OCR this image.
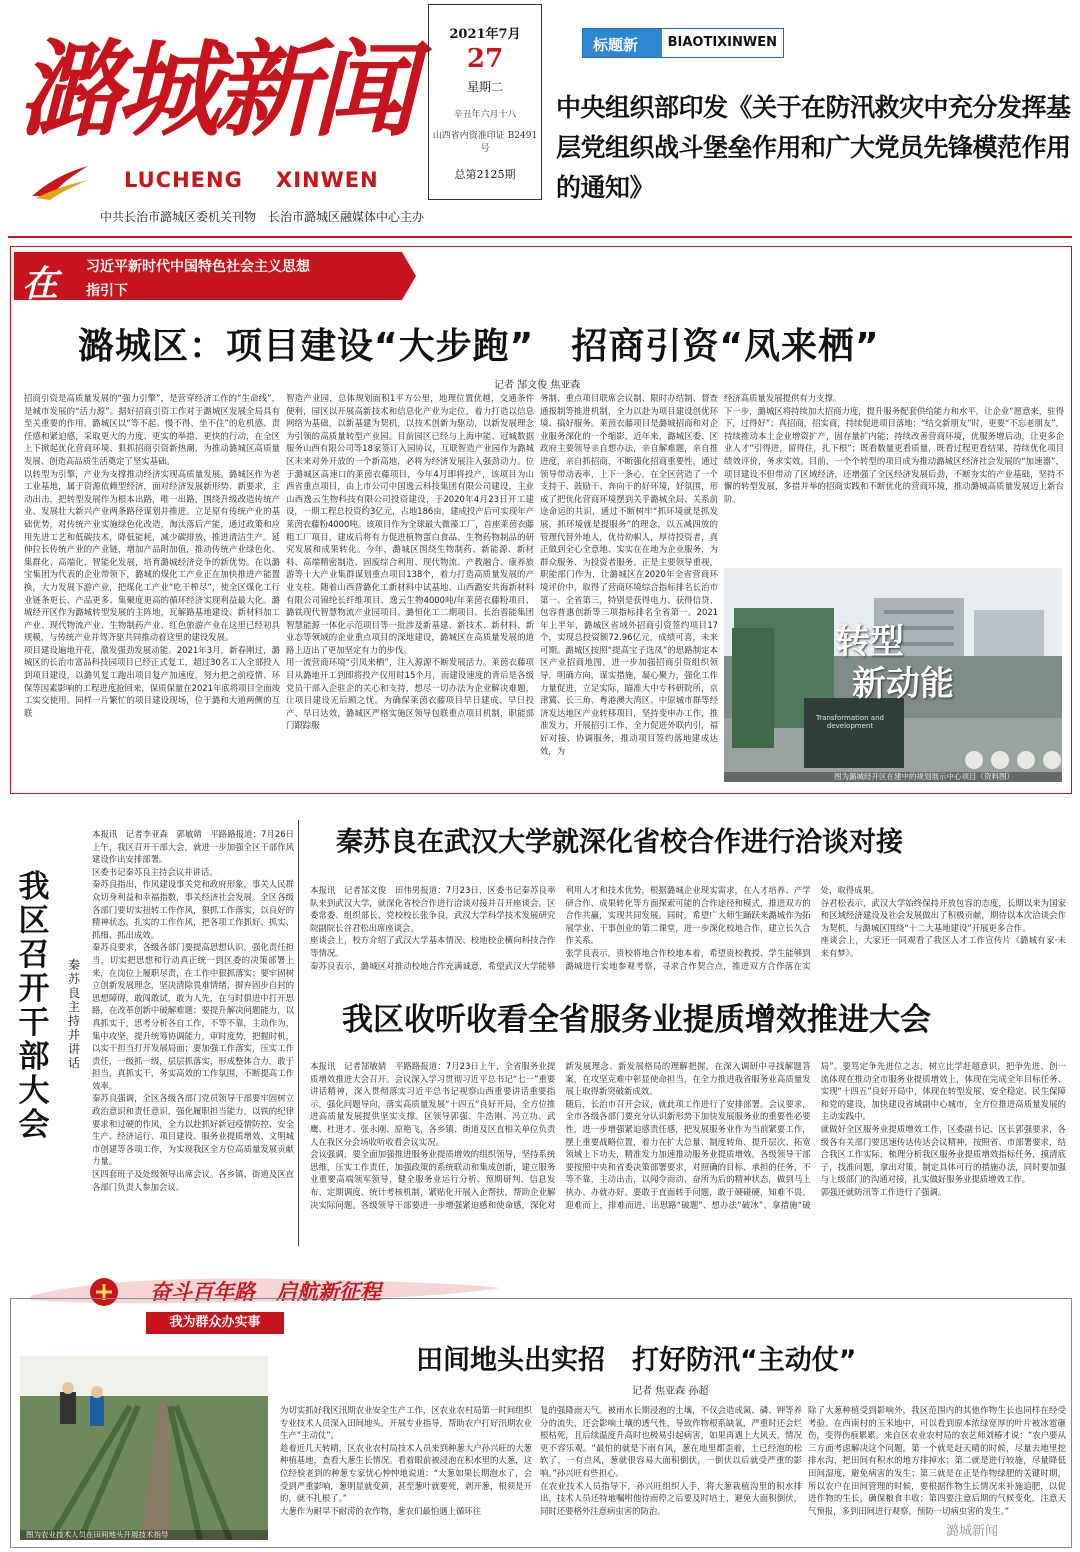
潞城新闻
LUCHENG XINWEN
中共长治市潞城区委机关刊物　长治市潞城区融媒体中心主办
2021年7月
27
星期二
辛丑年六月十八
山西省内资准印证 B2491号
总第2125期
标题新闻
BIAOTIXINWEN
中央组织部印发《关于在防汛救灾中充分发挥基层党组织战斗堡垒作用和广大党员先锋模范作用的通知》
在 习近平新时代中国特色社会主义思想
指引下	——新时代新作为新篇章
潞城区：项目建设“大步跑”　招商引资“凤来栖”
记者 郜文俊 焦亚森
招商引资是高质量发展的“强力引擎”，是营穿经济工作的“生命线”，是城市发展的“活力源”。据好招商引资工作对于潞城区发展全局具有至关重要的作用。潞城区以“等不起、慢不得、坐不住”的危机感、责任感和紧迫感，采取更大的力度、更实的举措、更快的行动，在全区上下掀起优化营商环境、狠抓招商引资新热潮，为推动潞城区高质量发展、创造高品质生活奠定了坚实基础。
以转型为引擎，产业为支撑推动经济实现高质量发展。潞城区作为老工业基地，属于资源依赖型经济，面对经济发展新形势、新要求，主动出击，把转型发展作为根本出路，唯一出路，围绕升级改造传统产业、发展壮大新兴产业两条路径谋划并推进。立足原有传统产业的基础优势，对传统产业实施绿色化改造，淘汰落后产能，通过政策和应用先进工艺和低碳技术，降低能耗，减少碳排放，推进清洁生产。延伸拉长传统产业的产业链，增加产品附加值，推动传统产业绿色化、集群化、高端化、智能化发展，培育潞城经济竞争的新优势。在以潞宝集团为代表的企业带领下，潞城的煤化工产业正在加快推进产能置换，大力发展下游产业，把煤化工产业“吃干榨尽”，使全区煤化工行业链条更长、产品更多、集聚度更高的循环经济实现利益最大化。潞城经开区作为潞城转型发展的主阵地，瓦解路基地建设、新材料加工产业、现代物流产业、生物制药产业、红色旅游产业在这里已经初具规模，与传统产业并驾齐驱共同推动着这里的建设发展。
项目建设遍地开花，激发强劲发展动能。2021年3月，新春刚过，潞城区的长治市富品科技园项目已经正式复工，超过30名工人全部投入到项目建设，以潞贝复工跑出项目复产加速度，努力把之前疫情、环保等因素影响的工程进度抢回来，保质保量在2021年底将项目全面竣工实交使用。同样一片繁忙的项目建设现场，位于潞和大道两侧的互联
智造产业园，总体规划面积1平方公里，地理位置优越，交通条件便利，园区以开展高新技术和信息化产业为定位，着力打造以信息网络为基础，以新基建为契机，以技术创新为驱动，以新发展理念为引领的高质量转型产业园。目前园区已经与上海申能、冠城数据服务山西有限公司等18家签订入园协议，互联智造产业园作为潞城区未来对外开放的一个新高地，必将为经济发展注入强劲动力。位于潞城区高速口的莱茵衣藤项目，今年4月即将投产，该项目为山西省重点项目，由上市公司中国逸云科技集团有限公司建设，主业山西逸云生物科技有限公司投资建设，于2020年4月23日开工建设，一期工程总投资约3亿元，占地186亩，建成投产后可实现年产莱茵衣藤粉4000吨。该项目作为全球最大微藻工厂，首座莱茵衣藤粗工厂项目，建成后将有力促进植物蛋白食品、生物药物制品的研究发展和成果转化。今年，潞城区围绕生物制药、新能源、新材料、高端精密制造、固废综合利用、现代物流、产教融合、康养旅游等十大产业集群谋划重点项目138个，着力打造高质量发展的产业支柱。随着山西晋潞化工新材料中试基地、山西潞安共海新材料有限公司锦纶长纤维项目、逸云生物4000吨/年莱茵衣藤粉项目、潞铁现代智慧物流产业园项目、潞恒化工二期项目、长治晋能集团智慧能源一体化示范项目等一批涉及新基建、新技术、新材料、新业态等领域的企业重点项目的深地建设，潞城区在高质量发展的道路上迈出了更加坚定有力的步伐。
用一流营商环境“引凤来栖”，注入源源不断发展活力。莱茵衣藤项目从潞地开工到即将投产仅用时15个月，而建设速度的背后是各级党员干部入企驻企的关心和支持，想尽一切办法为企业解决难题，让项目建设无后顾之忧。为确保莱茵衣藤项目早日建成、早日投产、早日达效，潞城区严格实施区领导包联重点项目机制，职能部门跟踪服
务制、重点项目联席会议制、限时办结制、督查通报制等推进机制，全力以赴为项目建设创优环境、搞好服务。莱茵衣藤项目是潞城招商和对企业服务深化的一个缩影，近年来，潞城区委、区政府主要领导亲自想办法，亲自解难题，亲自推进度，亲自抓招商，不断强化招商重要性，通过领导带动表率，上下一条心，在全区营造了一个支持干、鼓励干、奔向干的好环境，好氛围，形成了把优化营商环境摆到关乎潞城全局、关系前途命运的共识，通过不断树牢“抓环境就是抓发展，抓环境就是提服务”的理念，以五减四放的管理代替外地人，优待幼帜人，厚待投资者，真正做到全心全意地、实实在在地为企业服务，为群众服务、为投资者服务。正是主要领导重视，职能部门作为，让潞城区在2020年全省营商环境评价中，取得了营商环境综合指标排名长治市第一、全省第三，特别是获得电力、获得信贷、包容普惠创新等三项指标排名全省第一。2021年上半年，潞城区省域外招商引资签约项目17个，实现总投资额72.96亿元，成绩可喜，未来可期。潞城区按照“提高宝子选凤”的思路制定本区产业招商地图，进一步加强招商引资组织领导，明确方向，谋实措施，凝心聚力，强化工作力量促进，立足实际，瞄准大中专科研院所，京津冀、长三角、粤港澳大湾区、中原城市群等经济发达地区产业转移项目，坚持变申办工作，推准发力，开展招引工作，全力促进外联内引，福好对接、协调服务，推动项目签约落地建成达效，为
经济高质量发展提供有力支撑。
下一步，潞城区将持续加大招商力度，提升服务配套供给能力和水平，让企业“愿意来，驻得下，过得好”；真招商，招实商，持续促进项目落地：“结交新朋友”时，更要“不忘老朋友”，持续推动本土企业增资扩产，固存量扩内能；持续改善营商环境，优服务增后动，让更多企业人才“引得进，留得住，扎下根”；既看数量更看质量，既看过程更看结果，持续优化项目绩效评价，务求实效。目前，一个个转型的项目成为推动潞城区经济社会发展的“加速器”，项目建设不但带动了区域经济，还增强了全区经济发展后劲，不断夯实的产业基础，坚持不懈的转型发展，多措并举的招商实践和不断优化的营商环境，推动潞城高质量发展迈上新台阶。
转型
新动能
Transformation and development
图为潞城经开区在建中的规划展示中心项目（资料图）
我区召开干部大会
秦苏良主持并讲话
本报讯　记者李亚森　郭敏婧　平路路报道：7月26日上午，我区召开干部大会，就进一步加强全区干部作风建设作出安排部署。
区委书记秦苏良主持会议并讲话。
秦苏良指出，作风建设事关党和政府形象，事关人民群众切身利益和幸福指数，事关经济社会发展。全区各级各部门要切实扭转工作作风，狠抓工作落实，以良好的精神状态，扎实的工作作风，把各项工作抓好、抓实、抓细、抓出成效。
秦苏良要求，各级各部门要提高思想认识，强化责任担当，切实把思想和行动真正统一到区委的决策部署上来，在岗位上履职尽责，在工作中狠抓落实；要牢固树立创新发展理念，坚决清除畏难情绪，摒弃固步自封的思想障碍，敢闯敢试，敢为人先，在与时俱进中打开思路，在改革创新中破解难题；要提升解决问题能力，以真抓实干，思考分析各自工作，不等不靠，主动作为，集中攻坚，提升统筹协调能力，审时度势，把握时机，以实干担当打开发展局面；要加强工作落实，压实工作责任，一级抓一级，层层抓落实，形成整体合力，敢于担当，真抓实干，务实高效的工作氛围，不断提高工作效率。
秦苏良强调，全区各级各部门党员领导干部要牢固树立政治意识和责任意识，强化履职担当能力，以铁的纪律要求和过硬的作风，全力以赴抓好新冠疫情防控、安全生产、经济运行、项目建设、服务业提质增效、文明城市创建等各项工作，为实现我区全方位高质量发展贡献力量。
区四套班子及处级领导出席会议。各乡镇、街道及区直各部门负责人参加会议。
秦苏良在武汉大学就深化省校合作进行洽谈对接
本报讯　记者郜文俊　田伟男报道：7月23日，区委书记秦苏良率队来到武汉大学，就深化省校合作进行洽谈对接并召开座谈会。区委常委、组织部长、党校校长张争良，武汉大学科学技术发展研究院副院长谷君松出席座谈会。
座谈会上，校方介绍了武汉大学基本情况、校地校企横向科技合作等情况。
秦苏良表示，潞城区对推动校地合作充满诚意，希望武汉大学能够利用人才和技术优势，根据潞城企业现实需求，在人才培养、产学研合作、成果转化等方面探索可能的合作途径和模式，推进双方的合作共赢，实现共同发展。同时，希望广大师生踊跃来潞城作为拓展学业、干事创业的第二课堂，进一步深化校地合作，建立长久合作关系。
张学良表示，贵校将地合作校地本着，希望贵校教授、学生能够到潞城进行实地参观考察，寻求合作契合点，推进双方合作落在实处，取得成果。
谷君松表示，武汉大学始终保持开放包容的态度，长期以来为国家和区域经济建设及社会发展做出了积极贡献，期待以本次洽谈会作为契机，与潞城区围绕“十二大基地建设”开展更多合作。
座谈会上，大家还一同观看了我区人才工作宣传片《潞城有家·未来有梦》。
我区收听收看全省服务业提质增效推进大会
本报讯　记者郜敏婧　平路路报道：7月23日上午，全省服务业提质增效推进大会召开。会议深入学习贯彻习近平总书记“七一”重要讲话精神，深入贯彻落实习近平总书记视察山西重要讲话重要指示，强化问题导向，落实高质量发展“十四五”良好开局，全方位推进高质量发展提供坚实支撑。区领导郭强、牛浩刚、冯立功、武鹰、杜进才、张永刚、原艳飞，各乡镇、街道及区直相关单位负责人在我区分会场收听收看会议实况。
会议强调，要全面加强推进服务业提质增效的组织领导，坚持系统思维，压实工作责任，加强政策的系统联动和集成创新，建立服务业重要高端领军领导，健全服务业运行分析、预期研判、信息发布、定期调度、统计考核机制，紧贴化开展入企帮扶，帮助企业解决实际问题。各级领导干部要进一步增强紧迫感和使命感，深化对新发展理念、新发展格局的理解把握，在深入调研中寻找解题答案，在攻坚克难中彰显使命担当，在全力推进我省服务业高质量发展上取得新突破新成效。
随后，长治市召开会议，就此项工作进行了安排部署。会议要求，全市各级各部门要充分认识新形势下加快发展服务业的重要性必要性，进一步增强紧迫感责任感，把发展服务业作为当前紧要工作，摆上重要战略位置，着力在扩大总量、制度转角、提升层次、拓宽领域上下功夫，精准发力加速推动服务业提质增效。各级领导干部要按照中央和省委决策部署要求，对照确的目标、承担的任务，不等不靠，主动出击，以闻令而动、奋所为后的精神状态，做到马上执办、办就办好。要敢于直面转手问题，敢于硬碰硬，知难不畏、迎难而上，排难而进，出思路“破题”、想办法“破冰”、拿措施“破局”。要笃定争先进位之志，树立比学赶超意识，把争先进、创一流体现在推动全市服务业提质增效上，体现在完成全年目标任务、实现“十四五”良好开局中，体现在转型发展、安全稳定、民生保障和党的建设，加快建设省域副中心城市，全方位推进高质量发展的主动实践中。
就做好全区服务业提质增效工作，区委副书记、区长郭强要求，各级各有关部门要迅速传达传达会议精神，按照省、市部署要求，结合我区工作实际，梳理分析我区服务业提质增效指标任务，摸清底子，找准问题，拿出对策，制定具体可行的措施办法，同时要加强与上级部门的沟通对接，扎实做好服务业提质增效工作。
郭强还就防汛等工作进行了强调。
奋斗百年路　启航新征程
我为群众办实事
田间地头出实招　打好防汛“主动仗”
记者 焦亚森 孙超
图为农业技术人员在田间地头开展技术指导
为切实抓好我区汛期农业安全生产工作，区农业农村局第一时间组织专业技术人员深入田间地头，开展专业指导，帮助农户打好汛期农业生产“主动仗”。
趁着近几天转晴，区农业农村局技术人员来到种葱大户孙兴旺的大葱种植基地，查看大葱生长情况。看着眼前被浸泡在积水里的大葱，这位经验老到的种葱专家忧心忡忡地说道：“大葱如果长期泡水了，会受到严重影响，葱明显就变黄，甚至葱叶就要死，剥开葱，根须是开的，就不扎根了。”
大葱作为耐旱不耐涝的农作物，葱农们最怕遇上循环往
复的强降雨天气。被雨水长期浸泡的土壤，不仅会造成氮、磷、钾等养分的流失，还会影响土壤的透气性，导致作物根系缺氧，严重时还会烂根枯死，且后续温度升高时也极易引起病害，如果再遇上大风天，情况更不容乐观。“最怕的就是下雨有风，葱在地里都歪着，土已经泡的松软了，一有点风，葱就很容易大面积倒伏，一倒伏以后就受严重的影响。”孙兴旺有些担心。
在农业技术人员指导下，孙兴旺组织人手，将大葱栽植沟里的积水排出，技术人员还特地嘱咐他待雨停之后要及时培土，避免大面积倒伏，同时还要格外注意病虫害的防治。
除了大葱种植受到影响外，我区范围内的其他作物生长也同样在经受考验。在西南村的玉米地中，可以看到原本浓绿宽厚的叶片被冰雹砸伤，变得伤痕累累。来自区农业农村局的农艺师刘椿才说：“农户要从三方面考虑解决这个问题。第一个就是赶天晴的时候，尽量去地里挖排水沟，把田间有积水的地方排掉水；第二就是进行较施，尽量降低田间湿度，避免病害的发生；第三就是在正是作物绿肥的关键时期，所以农户在田间管理的时候，要根据作物生长情况来补施追肥，以促进作物的生长，确保粮食丰收；第四要注意后期的气候变化，注意天气预报，多到田间进行观察，预防一切病虫害的发生。”
潞城新闻
